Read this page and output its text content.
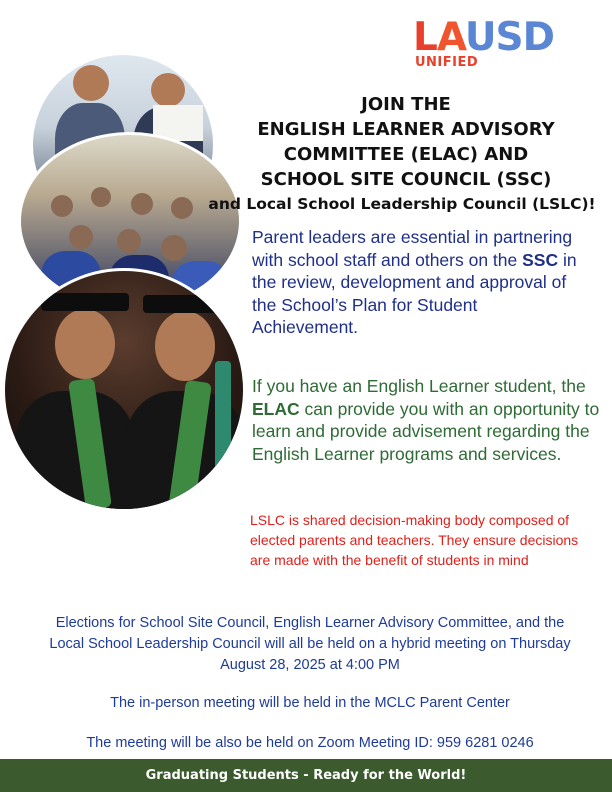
LAUSD
UNIFIED
JOIN THE
ENGLISH LEARNER ADVISORY
COMMITTEE (ELAC) AND
SCHOOL SITE COUNCIL (SSC)
and Local School Leadership Council (LSLC)!
Parent leaders are essential in partnering with school staff and others on the SSC in the review, development and approval of the School’s Plan for Student Achievement.
If you have an English Learner student, the ELAC can provide you with an opportunity to learn and provide advisement regarding the English Learner programs and services.
LSLC is shared decision-making body composed of elected parents and teachers. They ensure decisions are made with the benefit of students in mind
Elections for School Site Council, English Learner Advisory Committee, and the Local School Leadership Council will all be held on a hybrid meeting on Thursday August 28, 2025 at 4:00 PM
The in-person meeting will be held in the MCLC Parent Center
The meeting will be also be held on Zoom Meeting ID: 959 6281 0246
Graduating Students - Ready for the World!
